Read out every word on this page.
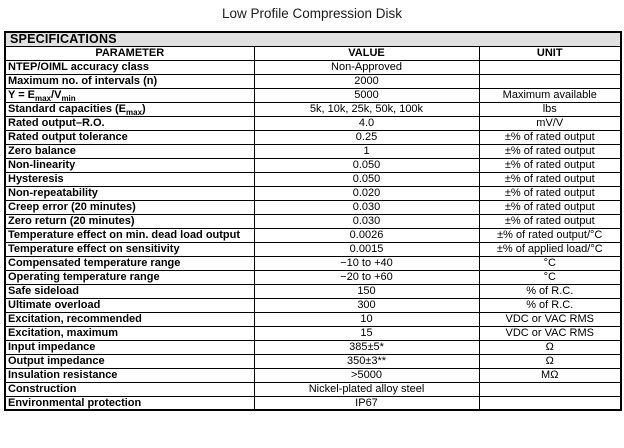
Low Profile Compression Disk
SPECIFICATIONS		
PARAMETER	VALUE	UNIT
NTEP/OIML accuracy class	Non-Approved	
Maximum no. of intervals (n)	2000	
$Y = E_{max}/V_{min}$	5000	Maximum available
Standard capacities $(E_{max})$	5k, 10k, 25k, 50k, 100k	lbs
Rated output–R.O.	4.0	mV/V
Rated output tolerance	0.25	±% of rated output
Zero balance	1	±% of rated output
Non-linearity	0.050	±% of rated output
Hysteresis	0.050	±% of rated output
Non-repeatability	0.020	±% of rated output
Creep error (20 minutes)	0.030	±% of rated output
Zero return (20 minutes)	0.030	±% of rated output
Temperature effect on min. dead load output	0.0026	±% of rated output/°C
Temperature effect on sensitivity	0.0015	±% of applied load/°C
Compensated temperature range	−10 to +40	°C
Operating temperature range	−20 to +60	°C
Safe sideload	150	% of R.C.
Ultimate overload	300	% of R.C.
Excitation, recommended	10	VDC or VAC RMS
Excitation, maximum	15	VDC or VAC RMS
Input impedance	385±5*	Ω
Output impedance	350±3**	Ω
Insulation resistance	>5000	MΩ
Construction	Nickel-plated alloy steel	
Environmental protection	IP67	
